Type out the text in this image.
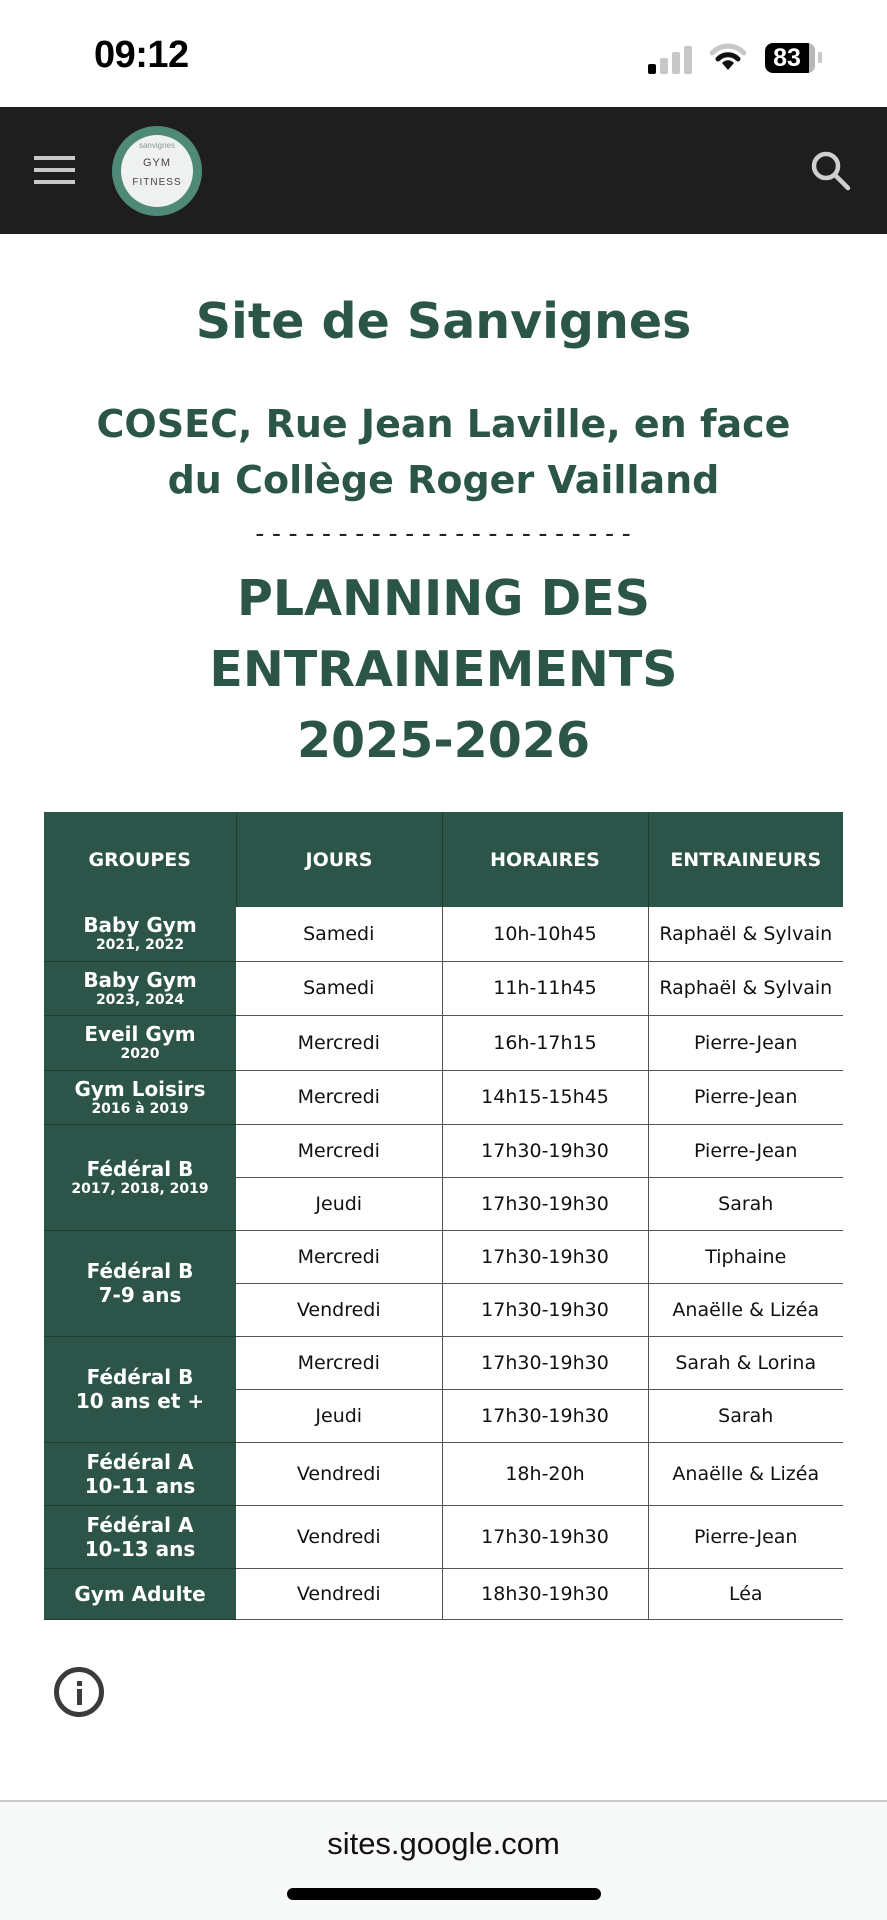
09:12	83
sanvignes
GYM
FITNESS
Site de Sanvignes
COSEC, Rue Jean Laville, en face
du Collège Roger Vailland
-----------------------
PLANNING DES
ENTRAINEMENTS
2025-2026
GROUPES	JOURS	HORAIRES	ENTRAINEURS

Baby Gym
2021, 2022	Samedi	10h-10h45	Raphaël & Sylvain

Baby Gym
2023, 2024	Samedi	11h-11h45	Raphaël & Sylvain

Eveil Gym
2020	Mercredi	16h-17h15	Pierre-Jean

Gym Loisirs
2016 à 2019	Mercredi	14h15-15h45	Pierre-Jean

Fédéral B
2017, 2018, 2019	Mercredi	17h30-19h30	Pierre-Jean
	Jeudi	17h30-19h30	Sarah

Fédéral B
7-9 ans	Mercredi	17h30-19h30	Tiphaine
	Vendredi	17h30-19h30	Anaëlle & Lizéa

Fédéral B
10 ans et +	Mercredi	17h30-19h30	Sarah & Lorina
	Jeudi	17h30-19h30	Sarah

Fédéral A
10-11 ans	Vendredi	18h-20h	Anaëlle & Lizéa

Fédéral A
10-13 ans	Vendredi	17h30-19h30	Pierre-Jean

Gym Adulte	Vendredi	18h30-19h30	Léa
sites.google.com
